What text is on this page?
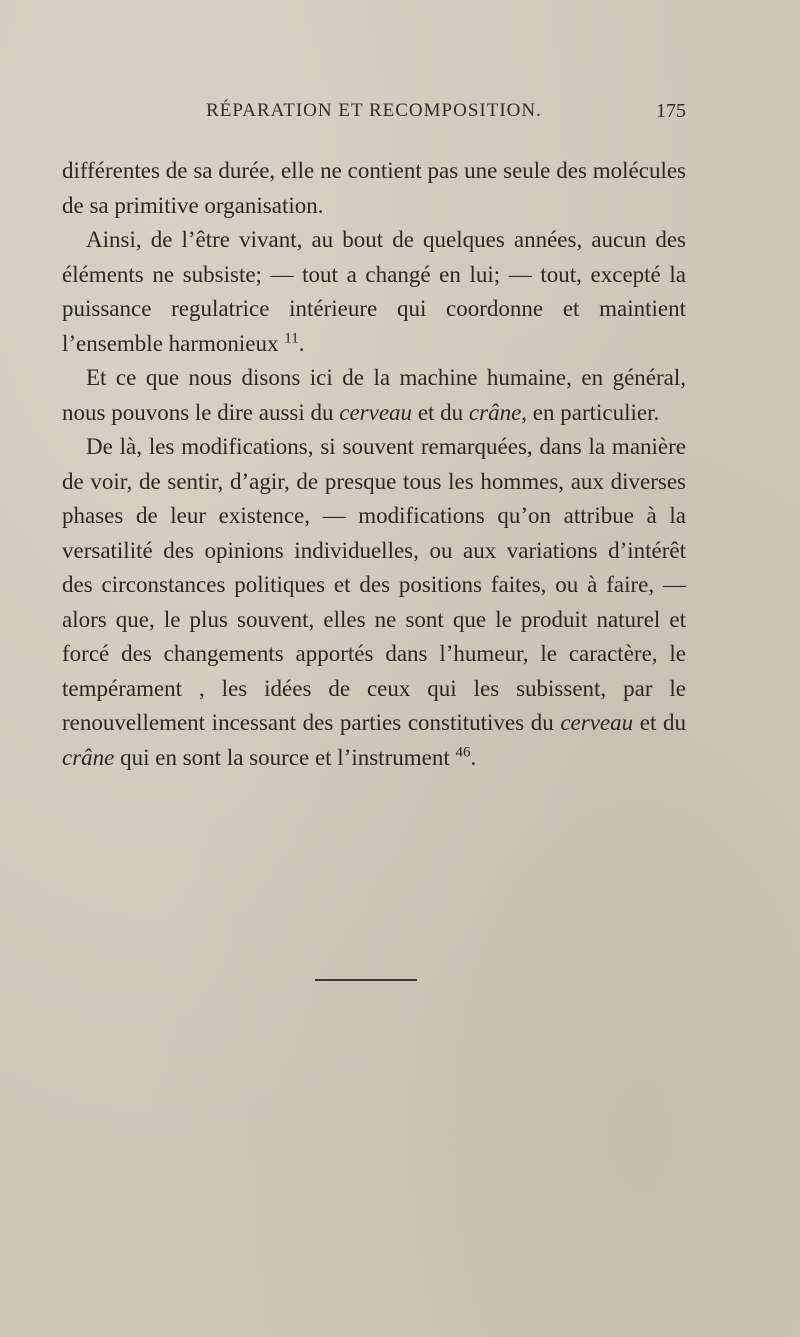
RÉPARATION ET RECOMPOSITION.	175

différentes de sa durée, elle ne contient pas une seule des molécules de sa primitive organisation.

Ainsi, de l’être vivant, au bout de quelques années, aucun des éléments ne subsiste; — tout a changé en lui; — tout, excepté la puissance regulatrice intérieure qui coordonne et maintient l’ensemble harmonieux $^{11}$.

Et ce que nous disons ici de la machine humaine, en général, nous pouvons le dire aussi du cerveau et du crâne, en particulier.

De là, les modifications, si souvent remarquées, dans la manière de voir, de sentir, d’agir, de presque tous les hommes, aux diverses phases de leur existence, — modifications qu’on attribue à la versatilité des opinions individuelles, ou aux variations d’intérêt des circonstances politiques et des positions faites, ou à faire, — alors que, le plus souvent, elles ne sont que le produit naturel et forcé des changements apportés dans l’humeur, le caractère, le tempérament , les idées de ceux qui les subissent, par le renouvellement incessant des parties constitutives du cerveau et du crâne qui en sont la source et l’instrument $^{46}$.
